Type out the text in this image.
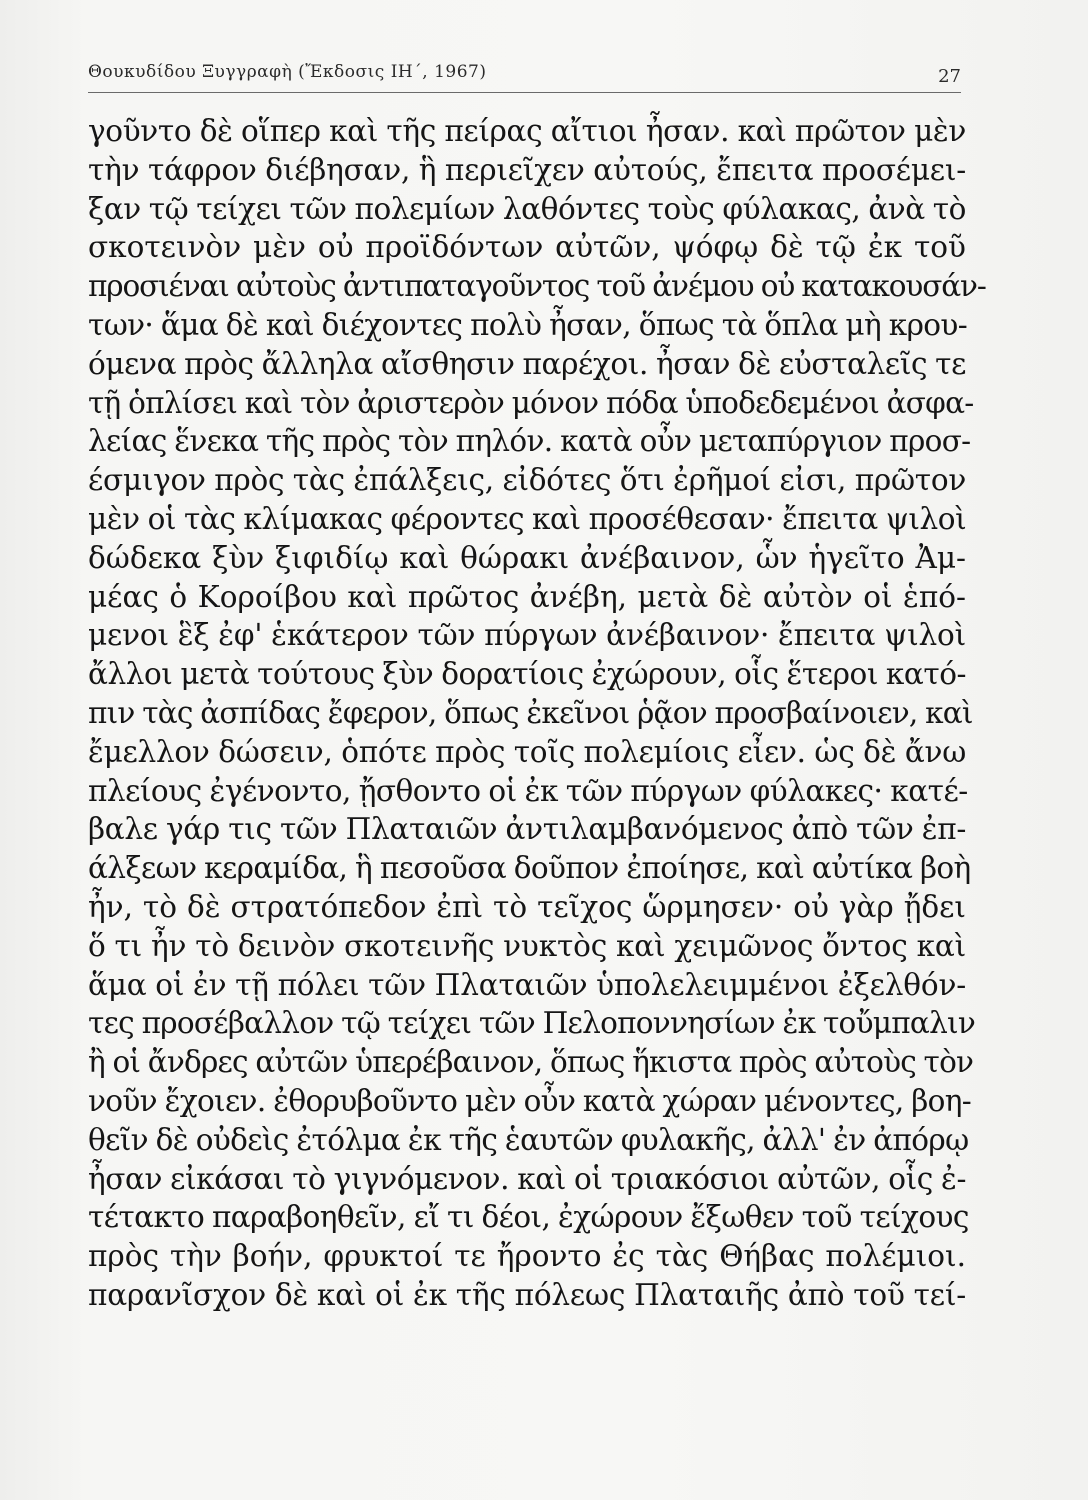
Θουκυδίδου Ξυγγραφὴ (Ἔκδοσις ΙΗ΄, 1967)	27
γοῦντο δὲ οἵπερ καὶ τῆς πείρας αἴτιοι ἦσαν. καὶ πρῶτον μὲν
τὴν τάφρον διέβησαν, ἣ περιεῖχεν αὐτούς, ἔπειτα προσέμει-
ξαν τῷ τείχει τῶν πολεμίων λαθόντες τοὺς φύλακας, ἀνὰ τὸ
σκοτεινὸν μὲν οὐ προϊδόντων αὐτῶν, ψόφῳ δὲ τῷ ἐκ τοῦ
προσιέναι αὐτοὺς ἀντιπαταγοῦντος τοῦ ἀνέμου οὐ κατακουσάν-
των· ἅμα δὲ καὶ διέχοντες πολὺ ἦσαν, ὅπως τὰ ὅπλα μὴ κρου-
όμενα πρὸς ἄλληλα αἴσθησιν παρέχοι. ἦσαν δὲ εὐσταλεῖς τε
τῇ ὁπλίσει καὶ τὸν ἀριστερὸν μόνον πόδα ὑποδεδεμένοι ἀσφα-
λείας ἕνεκα τῆς πρὸς τὸν πηλόν. κατὰ οὖν μεταπύργιον προσ-
έσμιγον πρὸς τὰς ἐπάλξεις, εἰδότες ὅτι ἐρῆμοί εἰσι, πρῶτον
μὲν οἱ τὰς κλίμακας φέροντες καὶ προσέθεσαν· ἔπειτα ψιλοὶ
δώδεκα ξὺν ξιφιδίῳ καὶ θώρακι ἀνέβαινον, ὧν ἡγεῖτο Ἀμ-
μέας ὁ Κοροίβου καὶ πρῶτος ἀνέβη, μετὰ δὲ αὐτὸν οἱ ἑπό-
μενοι ἓξ ἐφ' ἑκάτερον τῶν πύργων ἀνέβαινον· ἔπειτα ψιλοὶ
ἄλλοι μετὰ τούτους ξὺν δορατίοις ἐχώρουν, οἷς ἕτεροι κατό-
πιν τὰς ἀσπίδας ἔφερον, ὅπως ἐκεῖνοι ῥᾷον προσβαίνοιεν, καὶ
ἔμελλον δώσειν, ὁπότε πρὸς τοῖς πολεμίοις εἶεν. ὡς δὲ ἄνω
πλείους ἐγένοντο, ᾔσθοντο οἱ ἐκ τῶν πύργων φύλακες· κατέ-
βαλε γάρ τις τῶν Πλαταιῶν ἀντιλαμβανόμενος ἀπὸ τῶν ἐπ-
άλξεων κεραμίδα, ἣ πεσοῦσα δοῦπον ἐποίησε, καὶ αὐτίκα βοὴ
ἦν, τὸ δὲ στρατόπεδον ἐπὶ τὸ τεῖχος ὥρμησεν· οὐ γὰρ ᾔδει
ὅ τι ἦν τὸ δεινὸν σκοτεινῆς νυκτὸς καὶ χειμῶνος ὄντος καὶ
ἅμα οἱ ἐν τῇ πόλει τῶν Πλαταιῶν ὑπολελειμμένοι ἐξελθόν-
τες προσέβαλλον τῷ τείχει τῶν Πελοποννησίων ἐκ τοὔμπαλιν
ἢ οἱ ἄνδρες αὐτῶν ὑπερέβαινον, ὅπως ἥκιστα πρὸς αὐτοὺς τὸν
νοῦν ἔχοιεν. ἐθορυβοῦντο μὲν οὖν κατὰ χώραν μένοντες, βοη-
θεῖν δὲ οὐδεὶς ἐτόλμα ἐκ τῆς ἑαυτῶν φυλακῆς, ἀλλ' ἐν ἀπόρῳ
ἦσαν εἰκάσαι τὸ γιγνόμενον. καὶ οἱ τριακόσιοι αὐτῶν, οἷς ἐ-
τέτακτο παραβοηθεῖν, εἴ τι δέοι, ἐχώρουν ἔξωθεν τοῦ τείχους
πρὸς τὴν βοήν, φρυκτοί τε ἤροντο ἐς τὰς Θήβας πολέμιοι.
παρανῖσχον δὲ καὶ οἱ ἐκ τῆς πόλεως Πλαταιῆς ἀπὸ τοῦ τεί-
